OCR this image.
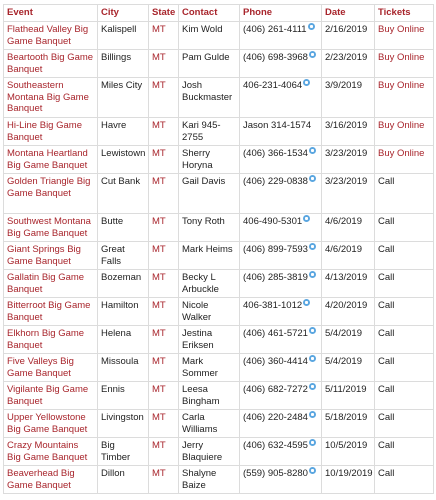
Event	City	State	Contact	Phone	Date	Tickets
Flathead Valley Big Game Banquet	Kalispell	MT	Kim Wold	(406) 261-4111	2/16/2019	Buy Online
Beartooth Big Game Banquet	Billings	MT	Pam Gulde	(406) 698-3968	2/23/2019	Buy Online
Southeastern Montana Big Game Banquet	Miles City	MT	Josh Buckmaster	406-231-4064	3/9/2019	Buy Online
Hi-Line Big Game Banquet	Havre	MT	Kari 945-2755	Jason 314-1574	3/16/2019	Buy Online
Montana Heartland Big Game Banquet	Lewistown	MT	Sherry Horyna	(406) 366-1534	3/23/2019	Buy Online
Golden Triangle Big Game Banquet	Cut Bank	MT	Gail Davis	(406) 229-0838	3/23/2019	Call
Southwest Montana Big Game Banquet	Butte	MT	Tony Roth	406-490-5301	4/6/2019	Call
Giant Springs Big Game Banquet	Great Falls	MT	Mark Heims	(406) 899-7593	4/6/2019	Call
Gallatin Big Game Banquet	Bozeman	MT	Becky L Arbuckle	(406) 285-3819	4/13/2019	Call
Bitterroot Big Game Banquet	Hamilton	MT	Nicole Walker	406-381-1012	4/20/2019	Call
Elkhorn Big Game Banquet	Helena	MT	Jestina Eriksen	(406) 461-5721	5/4/2019	Call
Five Valleys Big Game Banquet	Missoula	MT	Mark Sommer	(406) 360-4414	5/4/2019	Call
Vigilante Big Game Banquet	Ennis	MT	Leesa Bingham	(406) 682-7272	5/11/2019	Call
Upper Yellowstone Big Game Banquet	Livingston	MT	Carla Williams	(406) 220-2484	5/18/2019	Call
Crazy Mountains Big Game Banquet	Big Timber	MT	Jerry Blaquiere	(406) 632-4595	10/5/2019	Call
Beaverhead Big Game Banquet	Dillon	MT	Shalyne Baize	(559) 905-8280	10/19/2019	Call
